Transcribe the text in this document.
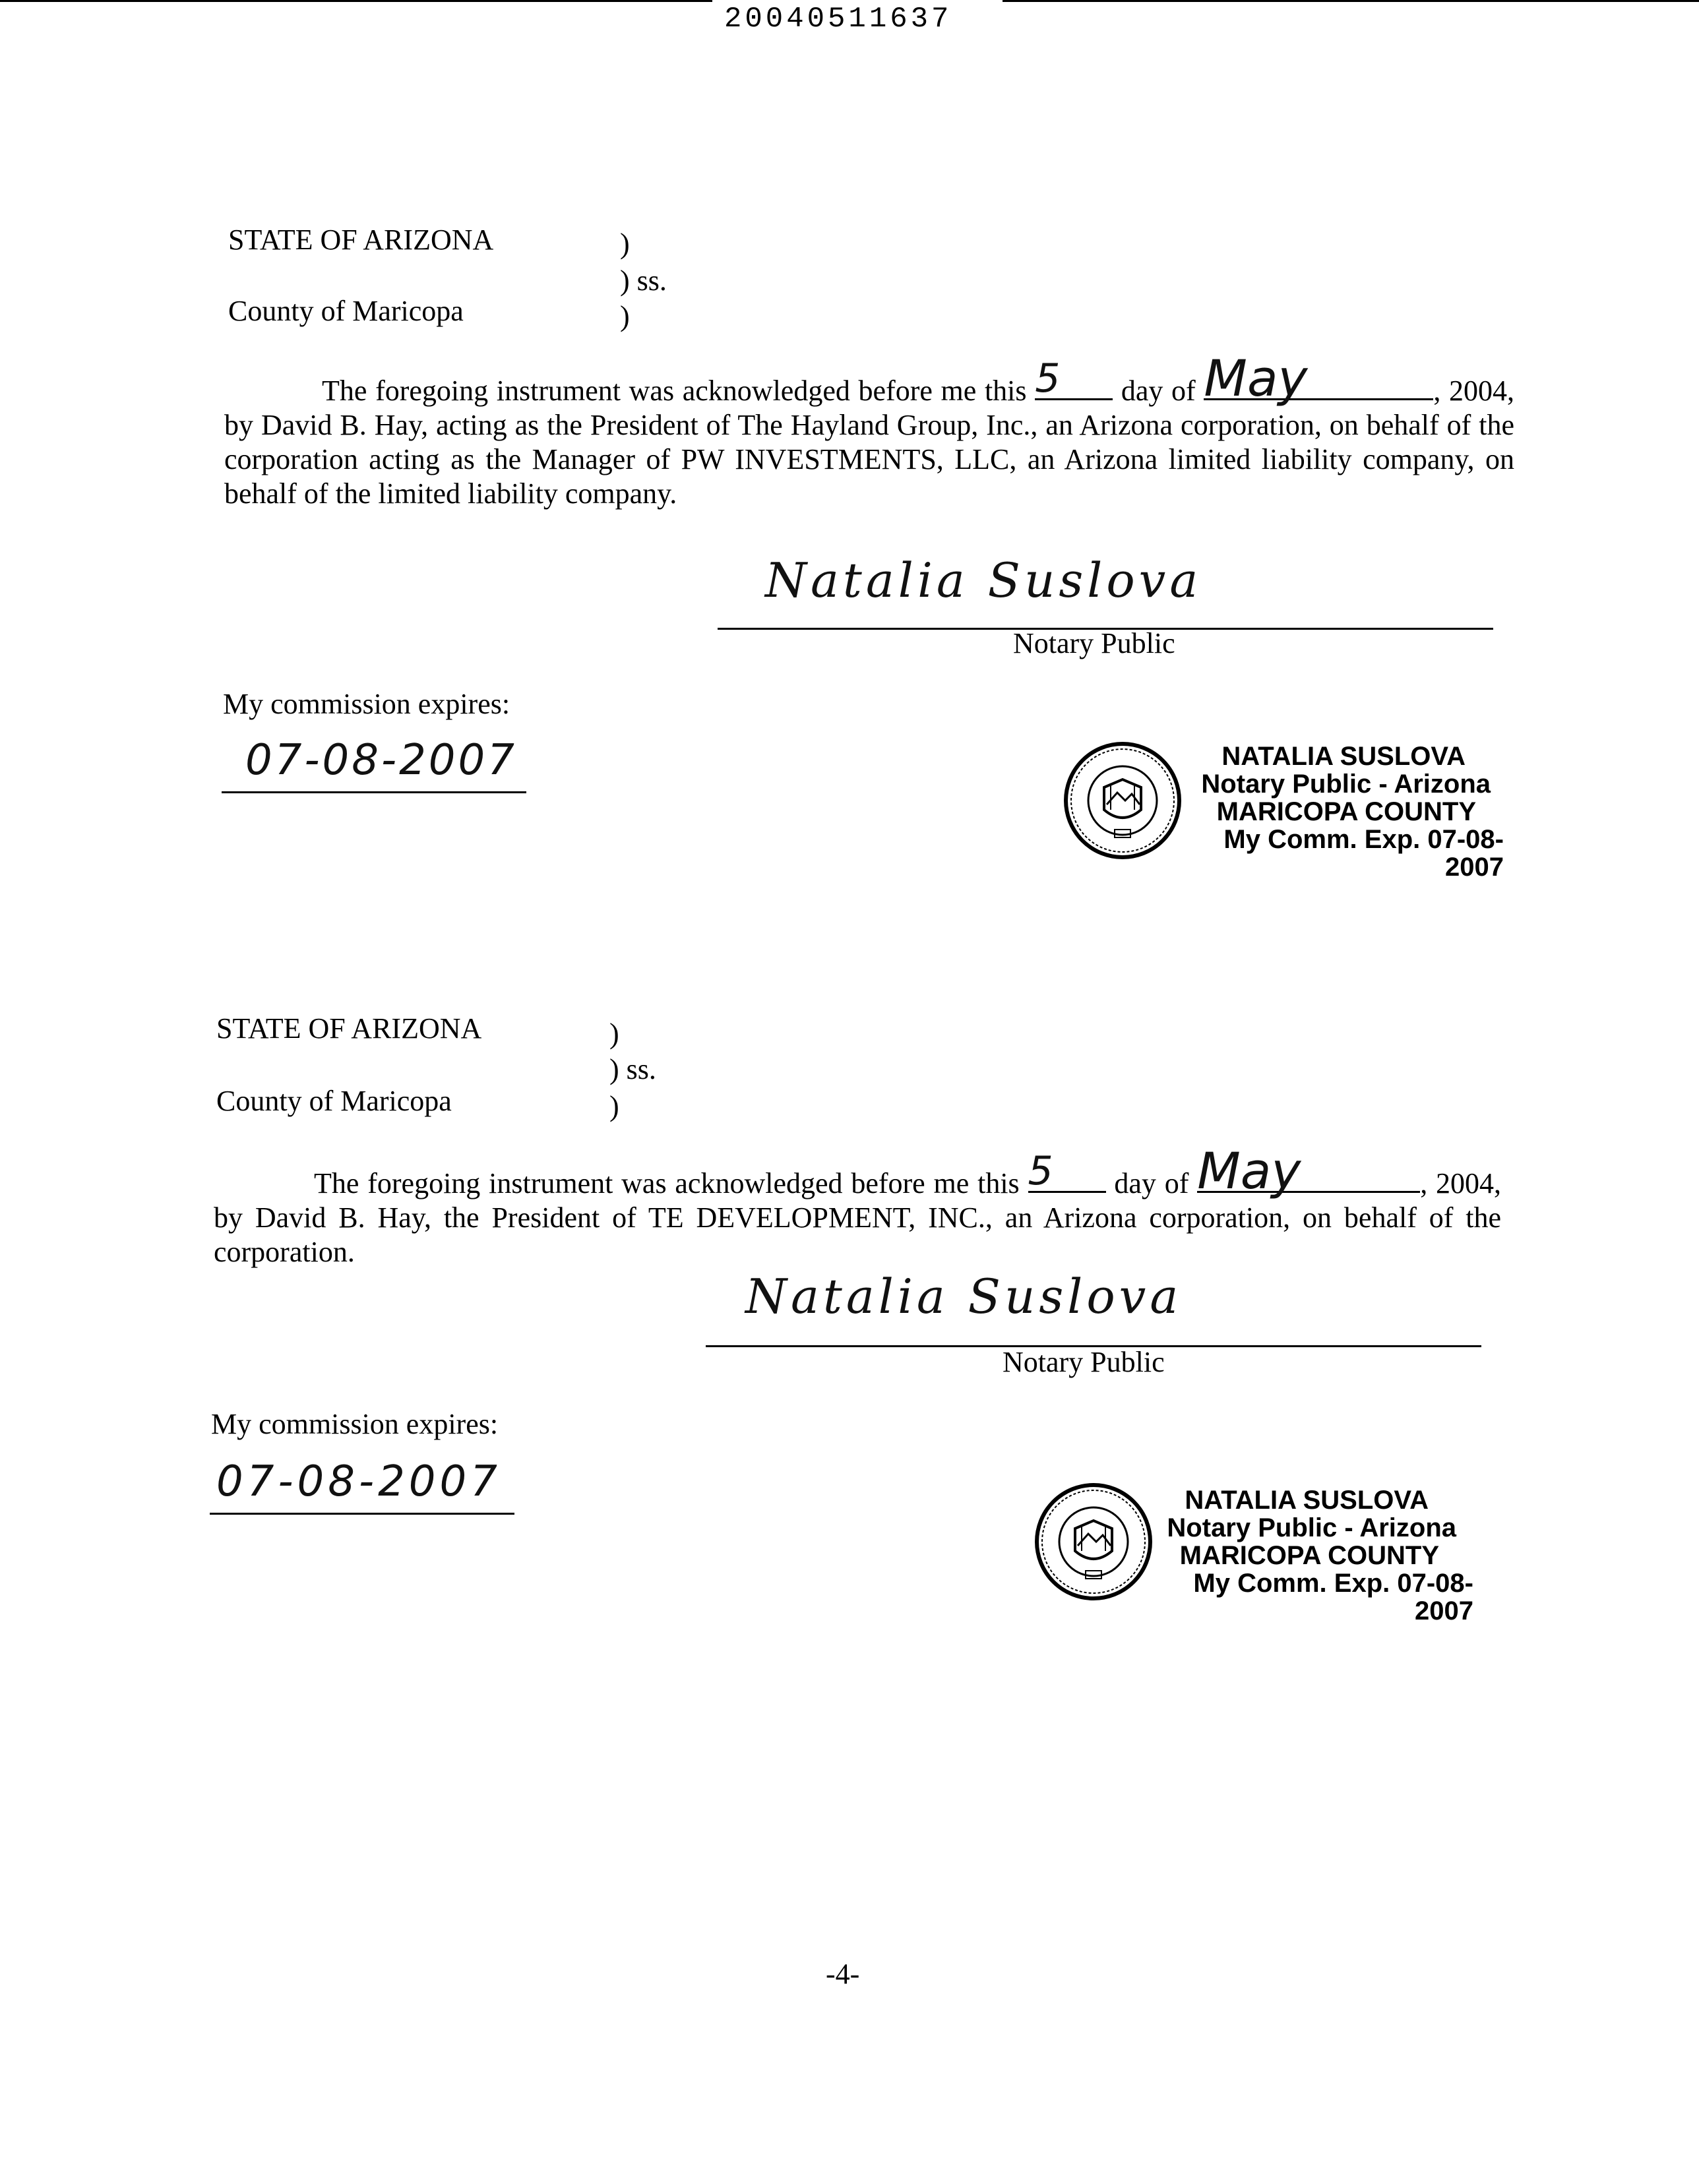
20040511637
STATE OF ARIZONA	)
) ss.
County of Maricopa	)
The foregoing instrument was acknowledged before me this 5	day of May	, 2004, by David B. Hay, acting as the President of The Hayland Group, Inc., an Arizona corporation, on behalf of the corporation acting as the Manager of PW INVESTMENTS, LLC, an Arizona limited liability company, on behalf of the limited liability company.
Natalia Suslova
Notary Public
My commission expires:
07-08-2007	NATALIA SUSLOVA
Notary Public - Arizona
MARICOPA COUNTY
My Comm. Exp. 07-08-2007
STATE OF ARIZONA	)
) ss.
County of Maricopa	)
The foregoing instrument was acknowledged before me this 5	day of May	, 2004, by David B. Hay, the President of TE DEVELOPMENT, INC., an Arizona corporation, on behalf of the corporation.
Natalia Suslova
Notary Public
My commission expires:
07-08-2007	NATALIA SUSLOVA
Notary Public - Arizona
MARICOPA COUNTY
My Comm. Exp. 07-08-2007
-4-
